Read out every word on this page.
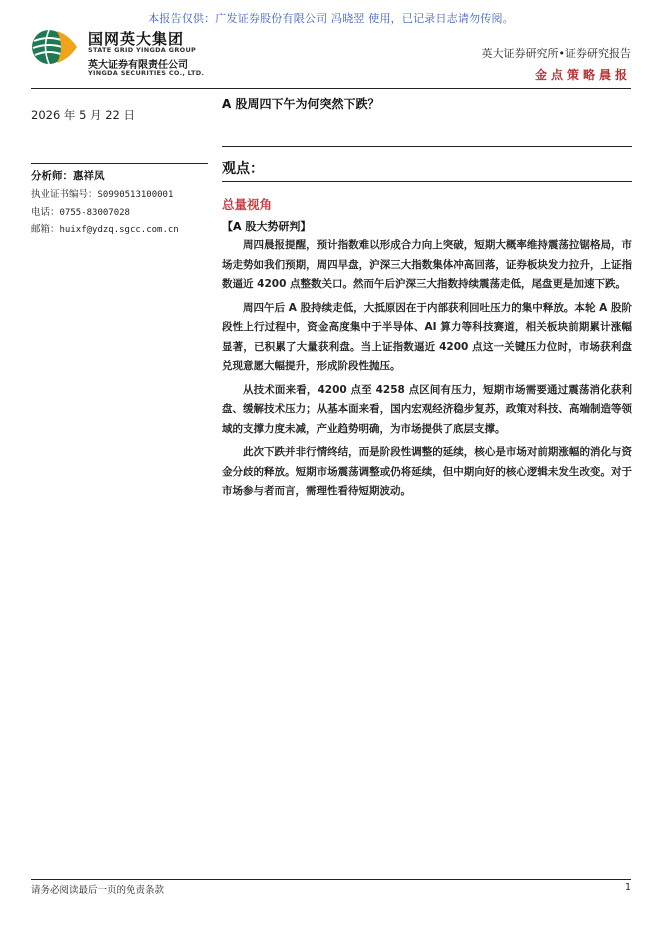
本报告仅供：广发证券股份有限公司 冯晓翌 使用，已记录日志请勿传阅。
国网英大集团
STATE GRID YINGDA GROUP
英大证券有限责任公司
YINGDA SECURITIES CO., LTD.
英大证券研究所•证券研究报告
金点策略晨报
2026 年 5 月 22 日
A 股周四下午为何突然下跌？
分析师：惠祥凤
执业证书编号：S0990513100001
电话：0755-83007028
邮箱：huixf@ydzq.sgcc.com.cn
观点：
总量视角
【A 股大势研判】

周四晨报提醒，预计指数难以形成合力向上突破，短期大概率维持震荡拉锯格局，市场走势如我们预期，周四早盘，沪深三大指数集体冲高回落，证券板块发力拉升，上证指数逼近 4200 点整数关口。然而午后沪深三大指数持续震荡走低，尾盘更是加速下跌。

周四午后 A 股持续走低，大抵原因在于内部获利回吐压力的集中释放。本轮 A 股阶段性上行过程中，资金高度集中于半导体、AI 算力等科技赛道，相关板块前期累计涨幅显著，已积累了大量获利盘。当上证指数逼近 4200 点这一关键压力位时，市场获利盘兑现意愿大幅提升，形成阶段性抛压。

从技术面来看，4200 点至 4258 点区间有压力，短期市场需要通过震荡消化获利盘、缓解技术压力；从基本面来看，国内宏观经济稳步复苏，政策对科技、高端制造等领域的支撑力度未减，产业趋势明确，为市场提供了底层支撑。

此次下跌并非行情终结，而是阶段性调整的延续，核心是市场对前期涨幅的消化与资金分歧的释放。短期市场震荡调整或仍将延续，但中期向好的核心逻辑未发生改变。对于市场参与者而言，需理性看待短期波动。

请务必阅读最后一页的免责条款	1
